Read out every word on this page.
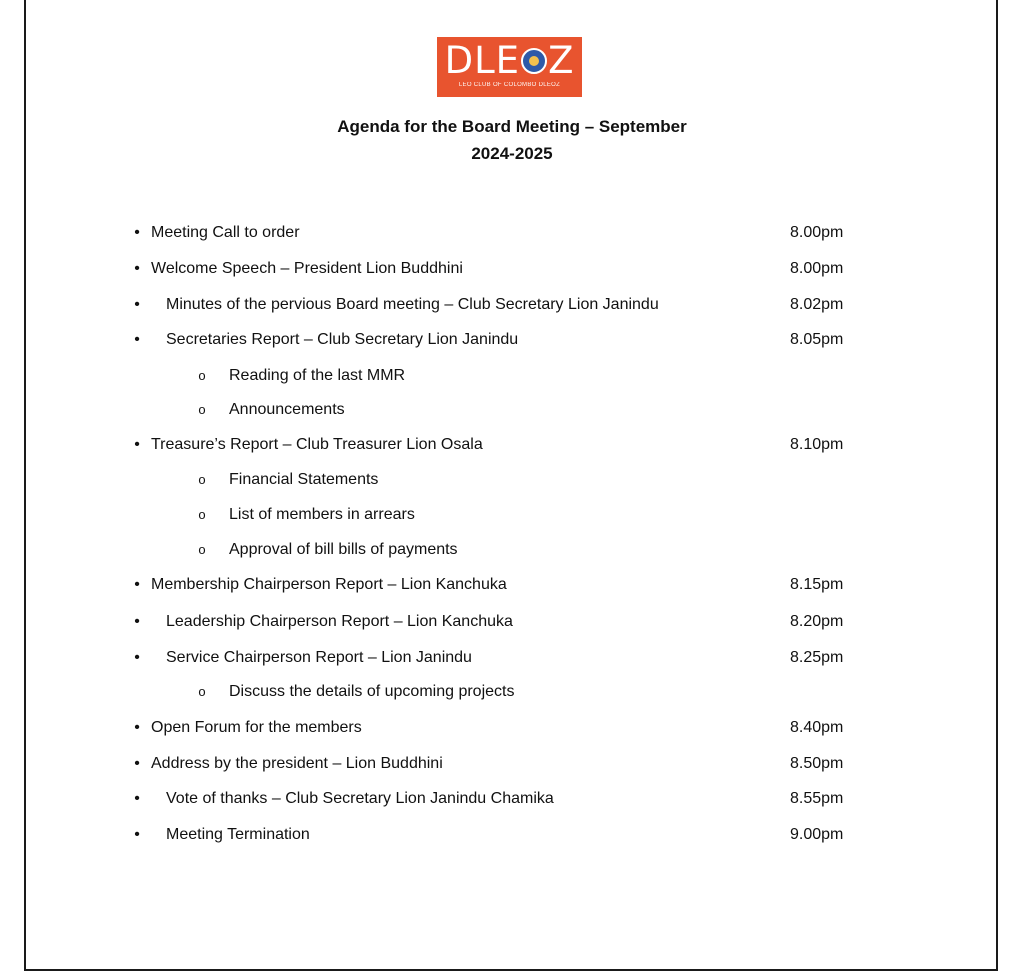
DLE Z
LEO CLUB OF COLOMBO DLEOZ
Agenda for the Board Meeting – September
2024-2025
• Meeting Call to order	8.00pm
• Welcome Speech – President Lion Buddhini	8.00pm
• Minutes of the pervious Board meeting – Club Secretary Lion Janindu	8.02pm
• Secretaries Report – Club Secretary Lion Janindu	8.05pm
o Reading of the last MMR
o Announcements
• Treasure’s Report – Club Treasurer Lion Osala	8.10pm
o Financial Statements
o List of members in arrears
o Approval of bill bills of payments
• Membership Chairperson Report – Lion Kanchuka	8.15pm
• Leadership Chairperson Report – Lion Kanchuka	8.20pm
• Service Chairperson Report – Lion Janindu	8.25pm
o Discuss the details of upcoming projects
• Open Forum for the members	8.40pm
• Address by the president – Lion Buddhini	8.50pm
• Vote of thanks – Club Secretary Lion Janindu Chamika	8.55pm
• Meeting Termination	9.00pm
